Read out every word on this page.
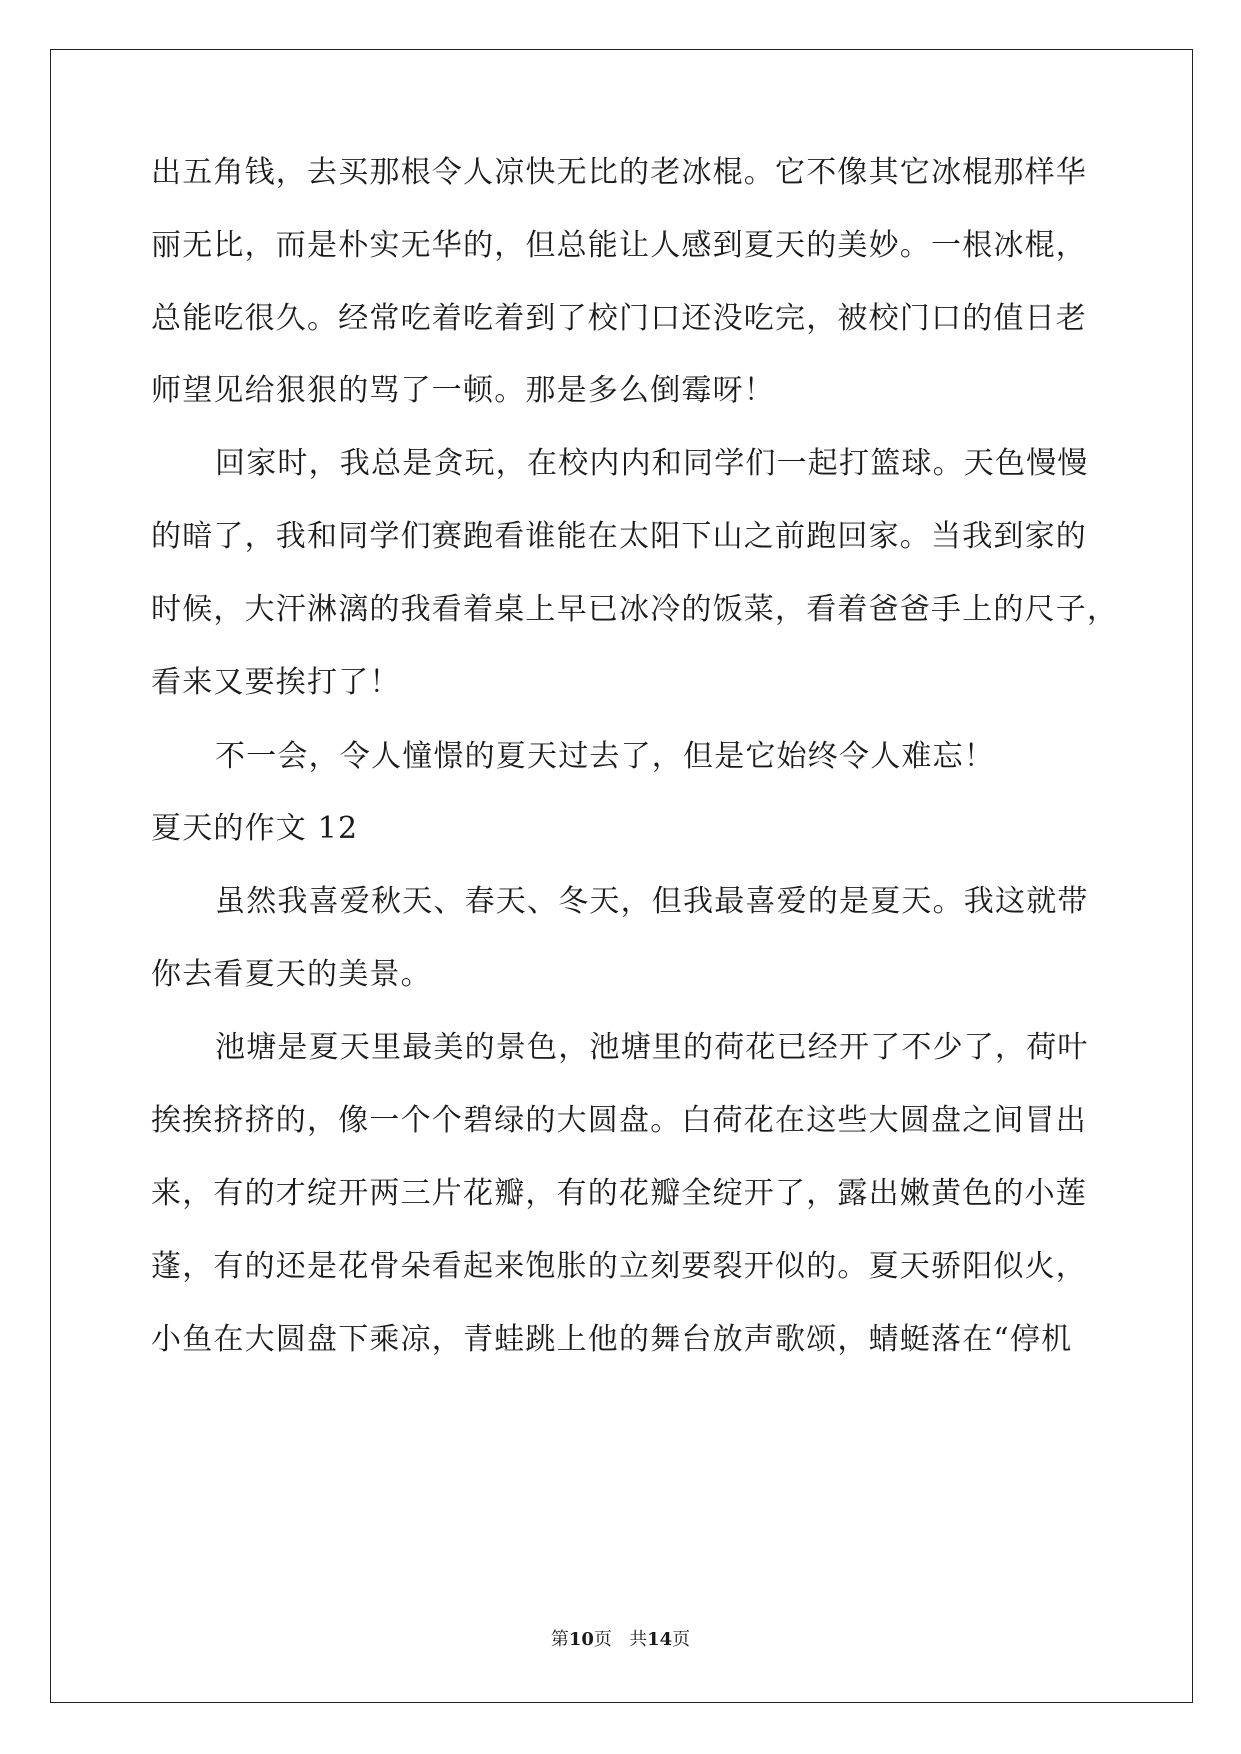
出五角钱，去买那根令人凉快无比的老冰棍。它不像其它冰棍那样华
丽无比，而是朴实无华的，但总能让人感到夏天的美妙。一根冰棍，
总能吃很久。经常吃着吃着到了校门口还没吃完，被校门口的值日老
师望见给狠狠的骂了一顿。那是多么倒霉呀！
回家时，我总是贪玩，在校内内和同学们一起打篮球。天色慢慢
的暗了，我和同学们赛跑看谁能在太阳下山之前跑回家。当我到家的
时候，大汗淋漓的我看着桌上早已冰冷的饭菜，看着爸爸手上的尺子，
看来又要挨打了！
不一会，令人憧憬的夏天过去了，但是它始终令人难忘！
夏天的作文 12
虽然我喜爱秋天、春天、冬天，但我最喜爱的是夏天。我这就带
你去看夏天的美景。
池塘是夏天里最美的景色，池塘里的荷花已经开了不少了，荷叶
挨挨挤挤的，像一个个碧绿的大圆盘。白荷花在这些大圆盘之间冒出
来，有的才绽开两三片花瓣，有的花瓣全绽开了，露出嫩黄色的小莲
蓬，有的还是花骨朵看起来饱胀的立刻要裂开似的。夏天骄阳似火，
小鱼在大圆盘下乘凉，青蛙跳上他的舞台放声歌颂，蜻蜓落在“停机
第10页   共14页
